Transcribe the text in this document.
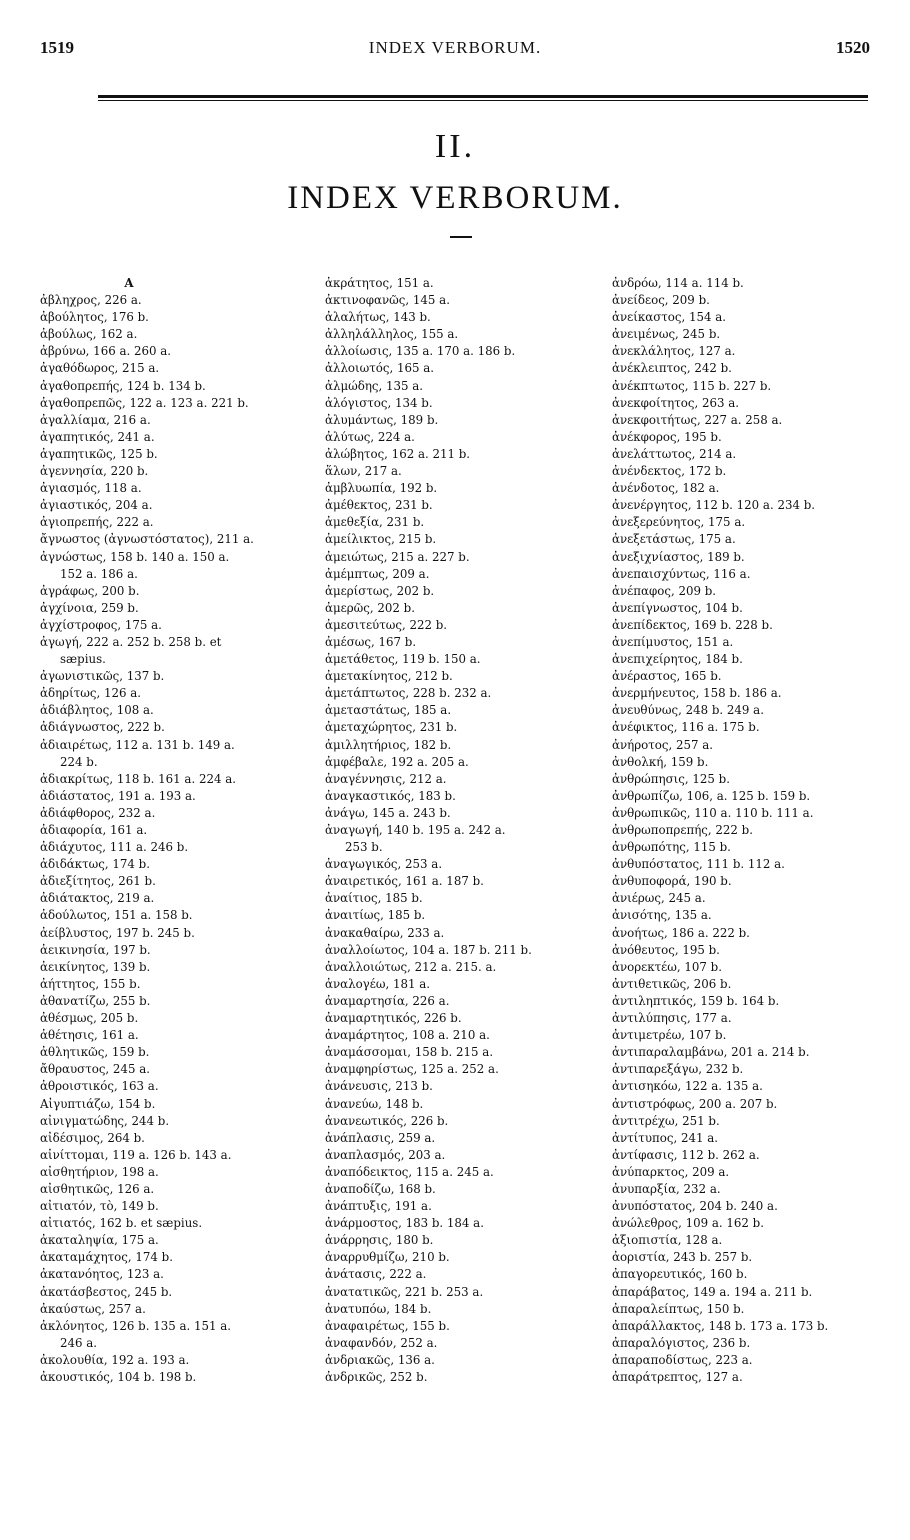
1519	INDEX VERBORUM.	1520
II.
INDEX VERBORUM.
A
ἀβληχρος, 226 a.
ἀβούλητος, 176 b.
ἀβούλως, 162 a.
ἀβρύνω, 166 a. 260 a.
ἀγαθόδωρος, 215 a.
ἀγαθοπρεπής, 124 b. 134 b.
ἀγαθοπρεπῶς, 122 a. 123 a. 221 b.
ἀγαλλίαμα, 216 a.
ἀγαπητικός, 241 a.
ἀγαπητικῶς, 125 b.
ἀγεννησία, 220 b.
ἀγιασμός, 118 a.
ἀγιαστικός, 204 a.
ἀγιοπρεπής, 222 a.
ἄγνωστος (ἀγνωστόστατος), 211 a.
ἀγνώστως, 158 b. 140 a. 150 a.
152 a. 186 a.
ἀγράφως, 200 b.
ἀγχίνοια, 259 b.
ἀγχίστροφος, 175 a.
ἀγωγή, 222 a. 252 b. 258 b. et
sæpius.
ἀγωνιστικῶς, 137 b.
ἀδηρίτως, 126 a.
ἀδιάβλητος, 108 a.
ἀδιάγνωστος, 222 b.
ἀδιαιρέτως, 112 a. 131 b. 149 a.
224 b.
ἀδιακρίτως, 118 b. 161 a. 224 a.
ἀδιάστατος, 191 a. 193 a.
ἀδιάφθορος, 232 a.
ἀδιαφορία, 161 a.
ἀδιάχυτος, 111 a. 246 b.
ἀδιδάκτως, 174 b.
ἀδιεξίτητος, 261 b.
ἀδιάτακτος, 219 a.
ἀδούλωτος, 151 a. 158 b.
ἀείβλυστος, 197 b. 245 b.
ἀεικινησία, 197 b.
ἀεικίνητος, 139 b.
ἀήττητος, 155 b.
ἀθανατίζω, 255 b.
ἀθέσμως, 205 b.
ἀθέτησις, 161 a.
ἀθλητικῶς, 159 b.
ἄθραυστος, 245 a.
ἀθροιστικός, 163 a.
Αἰγυπτιάζω, 154 b.
αἰνιγματώδης, 244 b.
αἰδέσιμος, 264 b.
αἰνίττομαι, 119 a. 126 b. 143 a.
αἰσθητήριον, 198 a.
αἰσθητικῶς, 126 a.
αἰτιατόν, τὸ, 149 b.
αἰτιατός, 162 b. et sæpius.
ἀκαταληψία, 175 a.
ἀκαταμάχητος, 174 b.
ἀκατανόητος, 123 a.
ἀκατάσβεστος, 245 b.
ἀκαύστως, 257 a.
ἀκλόνητος, 126 b. 135 a. 151 a.
246 a.
ἀκολουθία, 192 a. 193 a.
ἀκουστικός, 104 b. 198 b.
ἀκράτητος, 151 a.
ἀκτινοφανῶς, 145 a.
ἀλαλήτως, 143 b.
ἀλληλάλληλος, 155 a.
ἀλλοίωσις, 135 a. 170 a. 186 b.
ἀλλοιωτός, 165 a.
ἀλμώδης, 135 a.
ἀλόγιστος, 134 b.
ἀλυμάντως, 189 b.
ἀλύτως, 224 a.
ἀλώβητος, 162 a. 211 b.
ἅλων, 217 a.
ἀμβλυωπία, 192 b.
ἀμέθεκτος, 231 b.
ἀμεθεξία, 231 b.
ἀμείλικτος, 215 b.
ἀμειώτως, 215 a. 227 b.
ἀμέμπτως, 209 a.
ἀμερίστως, 202 b.
ἀμερῶς, 202 b.
ἀμεσιτεύτως, 222 b.
ἀμέσως, 167 b.
ἀμετάθετος, 119 b. 150 a.
ἀμετακίνητος, 212 b.
ἀμετάπτωτος, 228 b. 232 a.
ἀμεταστάτως, 185 a.
ἀμεταχώρητος, 231 b.
ἀμιλλητήριος, 182 b.
ἀμφέβαλε, 192 a. 205 a.
ἀναγέννησις, 212 a.
ἀναγκαστικός, 183 b.
ἀνάγω, 145 a. 243 b.
ἀναγωγή, 140 b. 195 a. 242 a.
253 b.
ἀναγωγικός, 253 a.
ἀναιρετικός, 161 a. 187 b.
ἀναίτιος, 185 b.
ἀναιτίως, 185 b.
ἀνακαθαίρω, 233 a.
ἀναλλοίωτος, 104 a. 187 b. 211 b.
ἀναλλοιώτως, 212 a. 215. a.
ἀναλογέω, 181 a.
ἀναμαρτησία, 226 a.
ἀναμαρτητικός, 226 b.
ἀναμάρτητος, 108 a. 210 a.
ἀναμάσσομαι, 158 b. 215 a.
ἀναμφηρίστως, 125 a. 252 a.
ἀνάνευσις, 213 b.
ἀνανεύω, 148 b.
ἀνανεωτικός, 226 b.
ἀνάπλασις, 259 a.
ἀναπλασμός, 203 a.
ἀναπόδεικτος, 115 a. 245 a.
ἀναποδίζω, 168 b.
ἀνάπτυξις, 191 a.
ἀνάρμοστος, 183 b. 184 a.
ἀνάρρησις, 180 b.
ἀναρρυθμίζω, 210 b.
ἀνάτασις, 222 a.
ἀνατατικῶς, 221 b. 253 a.
ἀνατυπόω, 184 b.
ἀναφαιρέτως, 155 b.
ἀναφανδόν, 252 a.
ἀνδριακῶς, 136 a.
ἀνδρικῶς, 252 b.
ἀνδρόω, 114 a. 114 b.
ἀνείδεος, 209 b.
ἀνείκαστος, 154 a.
ἀνειμένως, 245 b.
ἀνεκλάλητος, 127 a.
ἀνέκλειπτος, 242 b.
ἀνέκπτωτος, 115 b. 227 b.
ἀνεκφοίτητος, 263 a.
ἀνεκφοιτήτως, 227 a. 258 a.
ἀνέκφορος, 195 b.
ἀνελάττωτος, 214 a.
ἀνένδεκτος, 172 b.
ἀνένδοτος, 182 a.
ἀνενέργητος, 112 b. 120 a. 234 b.
ἀνεξερεύνητος, 175 a.
ἀνεξετάστως, 175 a.
ἀνεξιχνίαστος, 189 b.
ἀνεπαισχύντως, 116 a.
ἀνέπαφος, 209 b.
ἀνεπίγνωστος, 104 b.
ἀνεπίδεκτος, 169 b. 228 b.
ἀνεπίμυστος, 151 a.
ἀνεπιχείρητος, 184 b.
ἀνέραστος, 165 b.
ἀνερμήνευτος, 158 b. 186 a.
ἀνευθύνως, 248 b. 249 a.
ἀνέφικτος, 116 a. 175 b.
ἀνήροτος, 257 a.
ἀνθολκή, 159 b.
ἀνθρώπησις, 125 b.
ἀνθρωπίζω, 106, a. 125 b. 159 b.
ἀνθρωπικῶς, 110 a. 110 b. 111 a.
ἀνθρωποπρεπής, 222 b.
ἀνθρωπότης, 115 b.
ἀνθυπόστατος, 111 b. 112 a.
ἀνθυποφορά, 190 b.
ἀνιέρως, 245 a.
ἀνισότης, 135 a.
ἀνοήτως, 186 a. 222 b.
ἀνόθευτος, 195 b.
ἀνορεκτέω, 107 b.
ἀντιθετικῶς, 206 b.
ἀντιληπτικός, 159 b. 164 b.
ἀντιλύπησις, 177 a.
ἀντιμετρέω, 107 b.
ἀντιπαραλαμβάνω, 201 a. 214 b.
ἀντιπαρεξάγω, 232 b.
ἀντισηκόω, 122 a. 135 a.
ἀντιστρόφως, 200 a. 207 b.
ἀντιτρέχω, 251 b.
ἀντίτυπος, 241 a.
ἀντίφασις, 112 b. 262 a.
ἀνύπαρκτος, 209 a.
ἀνυπαρξία, 232 a.
ἀνυπόστατος, 204 b. 240 a.
ἀνώλεθρος, 109 a. 162 b.
ἀξιοπιστία, 128 a.
ἀοριστία, 243 b. 257 b.
ἀπαγορευτικός, 160 b.
ἀπαράβατος, 149 a. 194 a. 211 b.
ἀπαραλείπτως, 150 b.
ἀπαράλλακτος, 148 b. 173 a. 173 b.
ἀπαραλόγιστος, 236 b.
ἀπαραποδίστως, 223 a.
ἀπαράτρεπτος, 127 a.
